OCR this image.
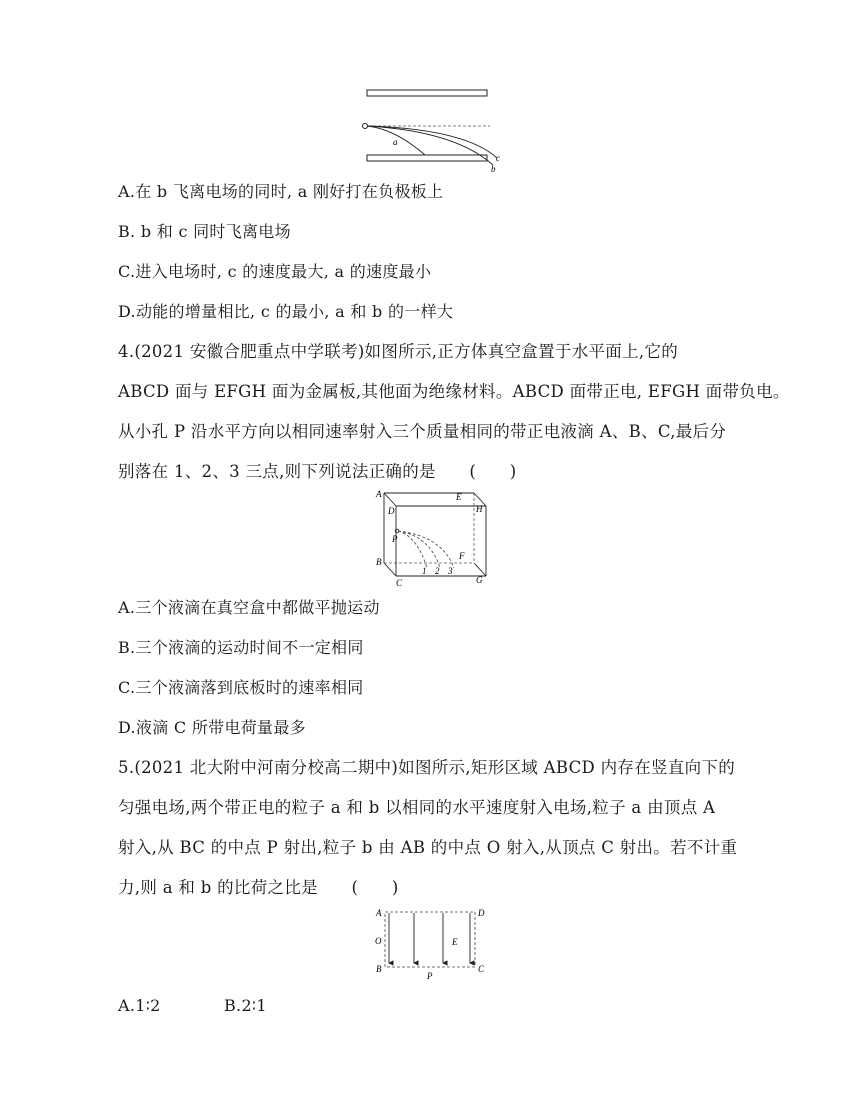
a
b
c
A.在 b 飞离电场的同时, a 刚好打在负极板上
B. b 和 c 同时飞离电场
C.进入电场时, c 的速度最大, a 的速度最小
D.动能的增量相比, c 的最小, a 和 b 的一样大
4.(2021 安徽合肥重点中学联考)如图所示,正方体真空盒置于水平面上,它的
ABCD 面与 EFGH 面为金属板,其他面为绝缘材料。ABCD 面带正电, EFGH 面带负电。
从小孔 P 沿水平方向以相同速率射入三个质量相同的带正电液滴 A、B、C,最后分
别落在 1、2、3 三点,则下列说法正确的是　　(　　)
A
D
E
H
P
F
B
C	G
1 2 3
A.三个液滴在真空盒中都做平抛运动
B.三个液滴的运动时间不一定相同
C.三个液滴落到底板时的速率相同
D.液滴 C 所带电荷量最多
5.(2021 北大附中河南分校高二期中)如图所示,矩形区域 ABCD 内存在竖直向下的
匀强电场,两个带正电的粒子 a 和 b 以相同的水平速度射入电场,粒子 a 由顶点 A
射入,从 BC 的中点 P 射出,粒子 b 由 AB 的中点 O 射入,从顶点 C 射出。若不计重
力,则 a 和 b 的比荷之比是　　(　　)
A	D
O	E
B
P
C
A.1∶2	B.2∶1
